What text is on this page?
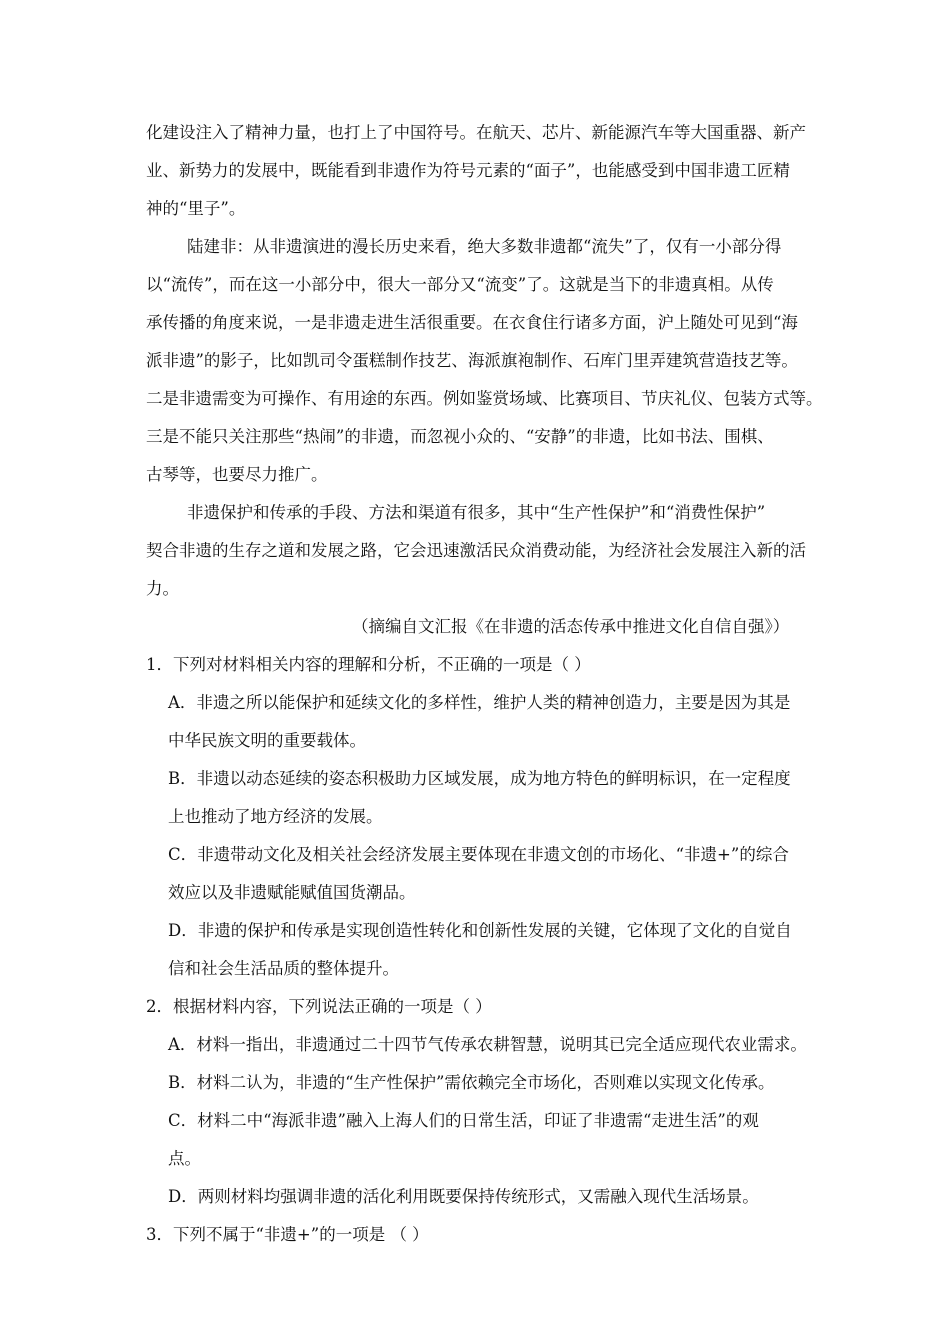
化建设注入了精神力量，也打上了中国符号。在航天、芯片、新能源汽车等大国重器、新产
业、新势力的发展中，既能看到非遗作为符号元素的“面子”，也能感受到中国非遗工匠精
神的“里子”。
陆建非：从非遗演进的漫长历史来看，绝大多数非遗都“流失”了，仅有一小部分得
以“流传”，而在这一小部分中，很大一部分又“流变”了。这就是当下的非遗真相。从传
承传播的角度来说，一是非遗走进生活很重要。在衣食住行诸多方面，沪上随处可见到“海
派非遗”的影子，比如凯司令蛋糕制作技艺、海派旗袍制作、石库门里弄建筑营造技艺等。
二是非遗需变为可操作、有用途的东西。例如鉴赏场域、比赛项目、节庆礼仪、包装方式等。
三是不能只关注那些“热闹”的非遗，而忽视小众的、“安静”的非遗，比如书法、围棋、
古琴等，也要尽力推广。
非遗保护和传承的手段、方法和渠道有很多，其中“生产性保护”和“消费性保护”
契合非遗的生存之道和发展之路，它会迅速激活民众消费动能，为经济社会发展注入新的活
力。
（摘编自文汇报《在非遗的活态传承中推进文化自信自强》）
1．下列对材料相关内容的理解和分析，不正确的一项是（ ）
A．非遗之所以能保护和延续文化的多样性，维护人类的精神创造力，主要是因为其是
中华民族文明的重要载体。
B．非遗以动态延续的姿态积极助力区域发展，成为地方特色的鲜明标识，在一定程度
上也推动了地方经济的发展。
C．非遗带动文化及相关社会经济发展主要体现在非遗文创的市场化、“非遗+”的综合
效应以及非遗赋能赋值国货潮品。
D．非遗的保护和传承是实现创造性转化和创新性发展的关键，它体现了文化的自觉自
信和社会生活品质的整体提升。
2．根据材料内容，下列说法正确的一项是（ ）
A．材料一指出，非遗通过二十四节气传承农耕智慧，说明其已完全适应现代农业需求。
B．材料二认为，非遗的“生产性保护”需依赖完全市场化，否则难以实现文化传承。
C．材料二中“海派非遗”融入上海人们的日常生活，印证了非遗需“走进生活”的观
点。
D．两则材料均强调非遗的活化利用既要保持传统形式，又需融入现代生活场景。
3．下列不属于“非遗+”的一项是 （ ）
